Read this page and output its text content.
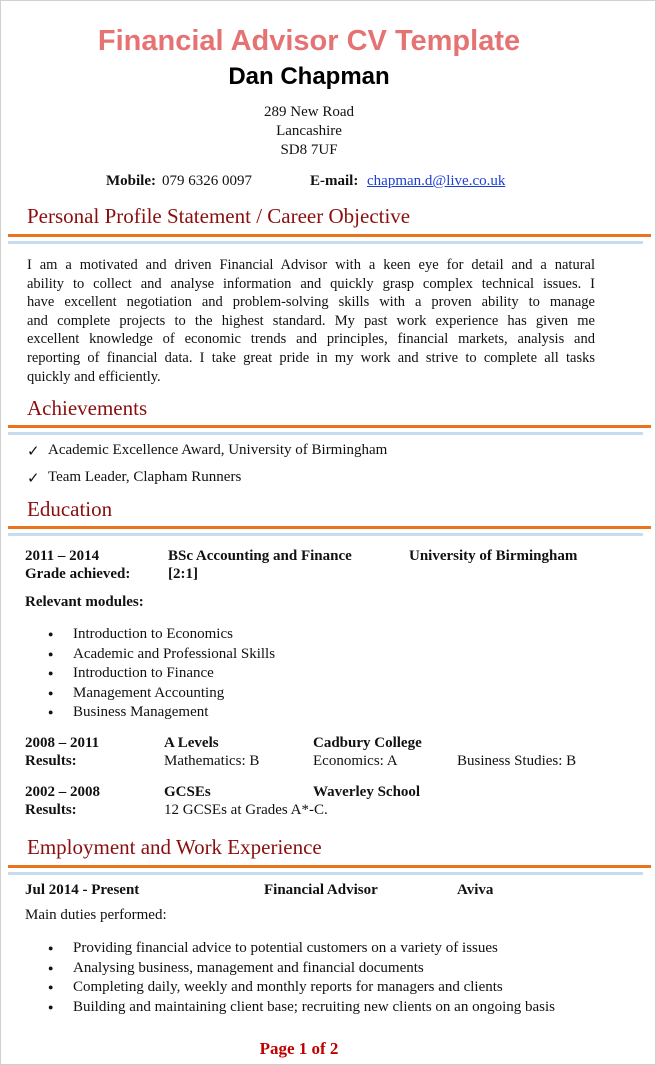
Financial Advisor CV Template
Dan Chapman
289 New Road
Lancashire
SD8 7UF
Mobile: 079 6326 0097	E-mail: chapman.d@live.co.uk
Personal Profile Statement / Career Objective
I am a motivated and driven Financial Advisor with a keen eye for detail and a natural
ability to collect and analyse information and quickly grasp complex technical issues. I
have excellent negotiation and problem-solving skills with a proven ability to manage
and complete projects to the highest standard. My past work experience has given me
excellent knowledge of economic trends and principles, financial markets, analysis and
reporting of financial data. I take great pride in my work and strive to complete all tasks
quickly and efficiently.
Achievements
✓ Academic Excellence Award, University of Birmingham
✓ Team Leader, Clapham Runners
Education
2011 – 2014	BSc Accounting and Finance	University of Birmingham
Grade achieved:	[2:1]
Relevant modules:
● Introduction to Economics
● Academic and Professional Skills
● Introduction to Finance
● Management Accounting
● Business Management
2008 – 2011	A Levels	Cadbury College
Results:	Mathematics: B	Economics: A	Business Studies: B
2002 – 2008	GCSEs	Waverley School
Results:	12 GCSEs at Grades A*-C.
Employment and Work Experience
Jul 2014 - Present	Financial Advisor	Aviva
Main duties performed:
● Providing financial advice to potential customers on a variety of issues
● Analysing business, management and financial documents
● Completing daily, weekly and monthly reports for managers and clients
● Building and maintaining client base; recruiting new clients on an ongoing basis
Page 1 of 2
